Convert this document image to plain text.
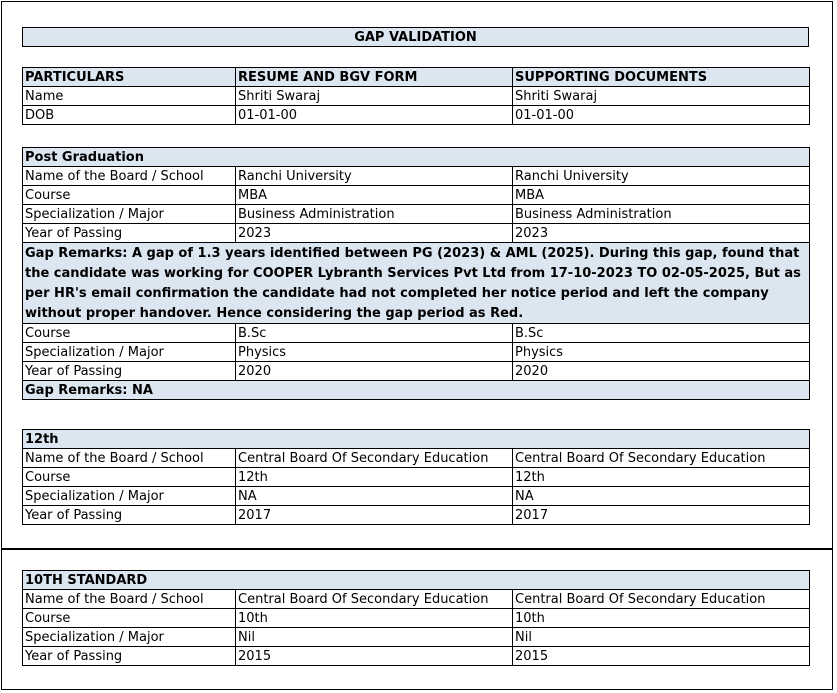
GAP VALIDATION
PARTICULARS	RESUME AND BGV FORM	SUPPORTING DOCUMENTS
Name	Shriti Swaraj	Shriti Swaraj
DOB	01-01-00	01-01-00
Post Graduation
Name of the Board / School	Ranchi University	Ranchi University
Course	MBA	MBA
Specialization / Major	Business Administration	Business Administration
Year of Passing	2023	2023
Gap Remarks: A gap of 1.3 years identified between PG (2023) & AML (2025). During this gap, found that the candidate was working for COOPER Lybranth Services Pvt Ltd from 17-10-2023 TO 02-05-2025, But as per HR's email confirmation the candidate had not completed her notice period and left the company without proper handover. Hence considering the gap period as Red.
Course	B.Sc	B.Sc
Specialization / Major	Physics	Physics
Year of Passing	2020	2020
Gap Remarks: NA
12th
Name of the Board / School	Central Board Of Secondary Education	Central Board Of Secondary Education
Course	12th	12th
Specialization / Major	NA	NA
Year of Passing	2017	2017
10TH STANDARD
Name of the Board / School	Central Board Of Secondary Education	Central Board Of Secondary Education
Course	10th	10th
Specialization / Major	Nil	Nil
Year of Passing	2015	2015
